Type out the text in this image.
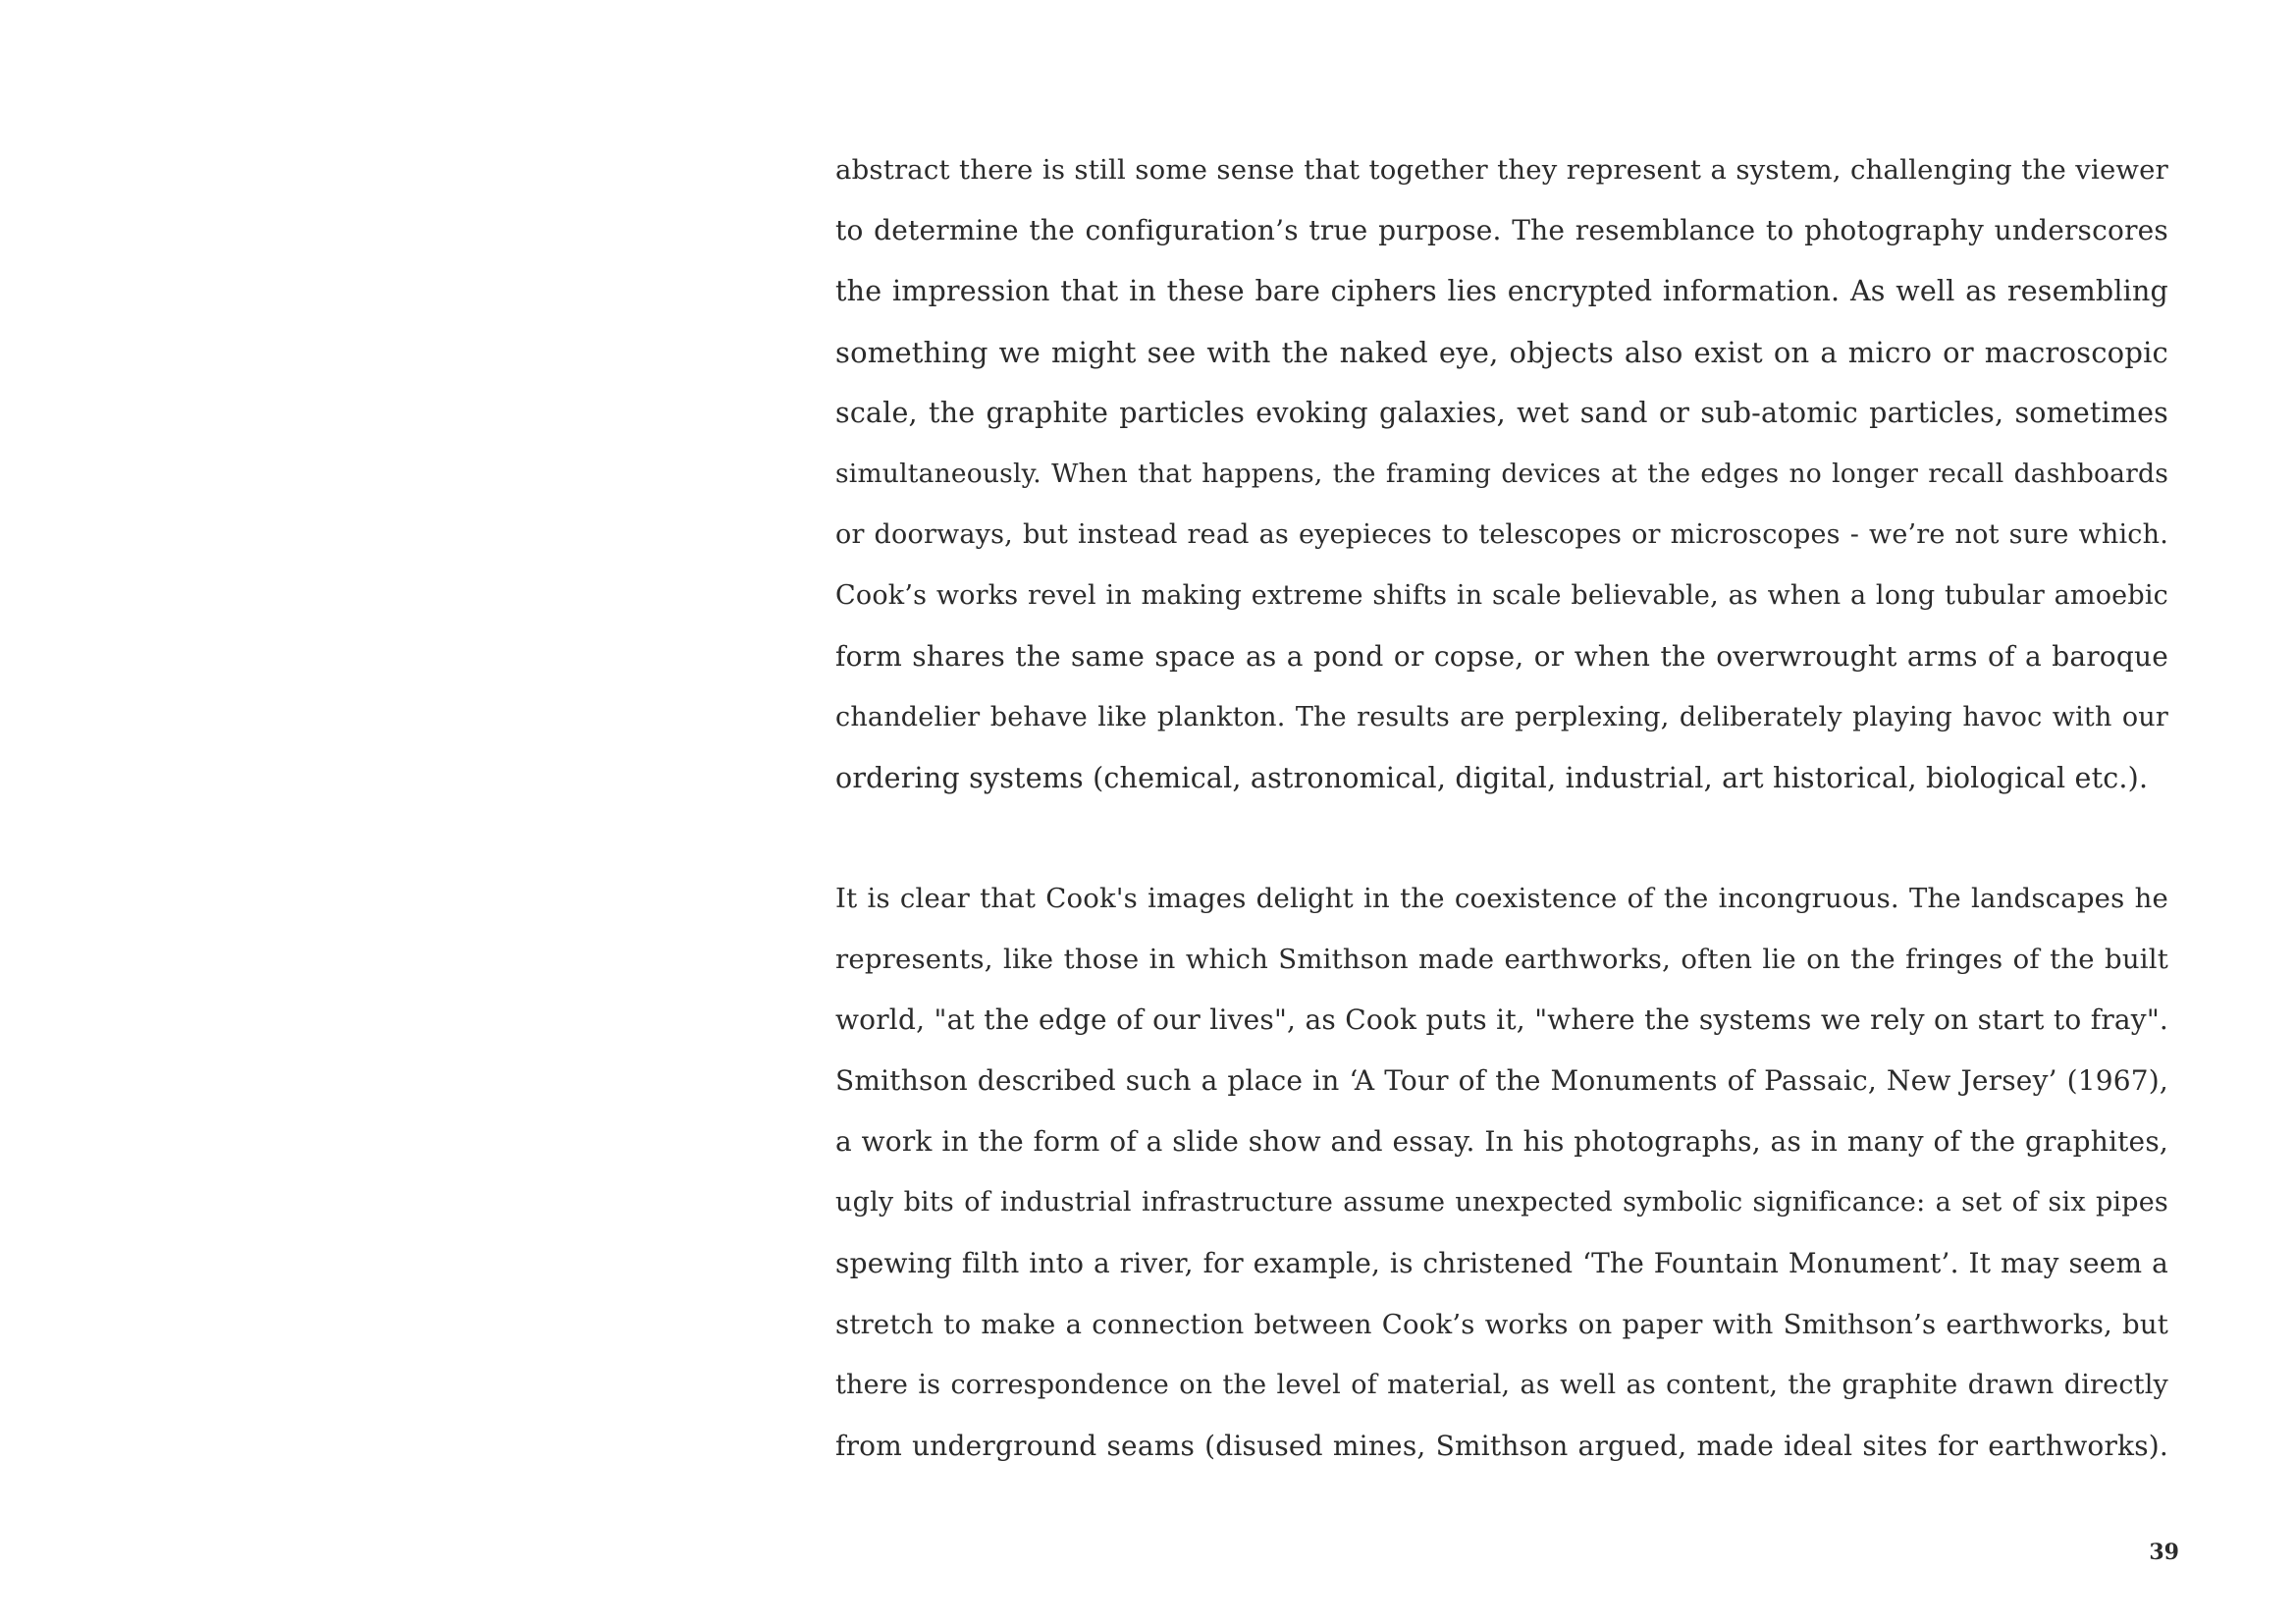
abstract there is still some sense that together they represent a system, challenging the viewer
to determine the configuration’s true purpose. The resemblance to photography underscores
the impression that in these bare ciphers lies encrypted information. As well as resembling
something we might see with the naked eye, objects also exist on a micro or macroscopic
scale, the graphite particles evoking galaxies, wet sand or sub-atomic particles, sometimes
simultaneously. When that happens, the framing devices at the edges no longer recall dashboards
or doorways, but instead read as eyepieces to telescopes or microscopes - we’re not sure which.
Cook’s works revel in making extreme shifts in scale believable, as when a long tubular amoebic
form shares the same space as a pond or copse, or when the overwrought arms of a baroque
chandelier behave like plankton. The results are perplexing, deliberately playing havoc with our
ordering systems (chemical, astronomical, digital, industrial, art historical, biological etc.).
It is clear that Cook's images delight in the coexistence of the incongruous. The landscapes he
represents, like those in which Smithson made earthworks, often lie on the fringes of the built
world, "at the edge of our lives", as Cook puts it, "where the systems we rely on start to fray".
Smithson described such a place in ‘A Tour of the Monuments of Passaic, New Jersey’ (1967),
a work in the form of a slide show and essay. In his photographs, as in many of the graphites,
ugly bits of industrial infrastructure assume unexpected symbolic significance: a set of six pipes
spewing filth into a river, for example, is christened ‘The Fountain Monument’. It may seem a
stretch to make a connection between Cook’s works on paper with Smithson’s earthworks, but
there is correspondence on the level of material, as well as content, the graphite drawn directly
from underground seams (disused mines, Smithson argued, made ideal sites for earthworks).
39
